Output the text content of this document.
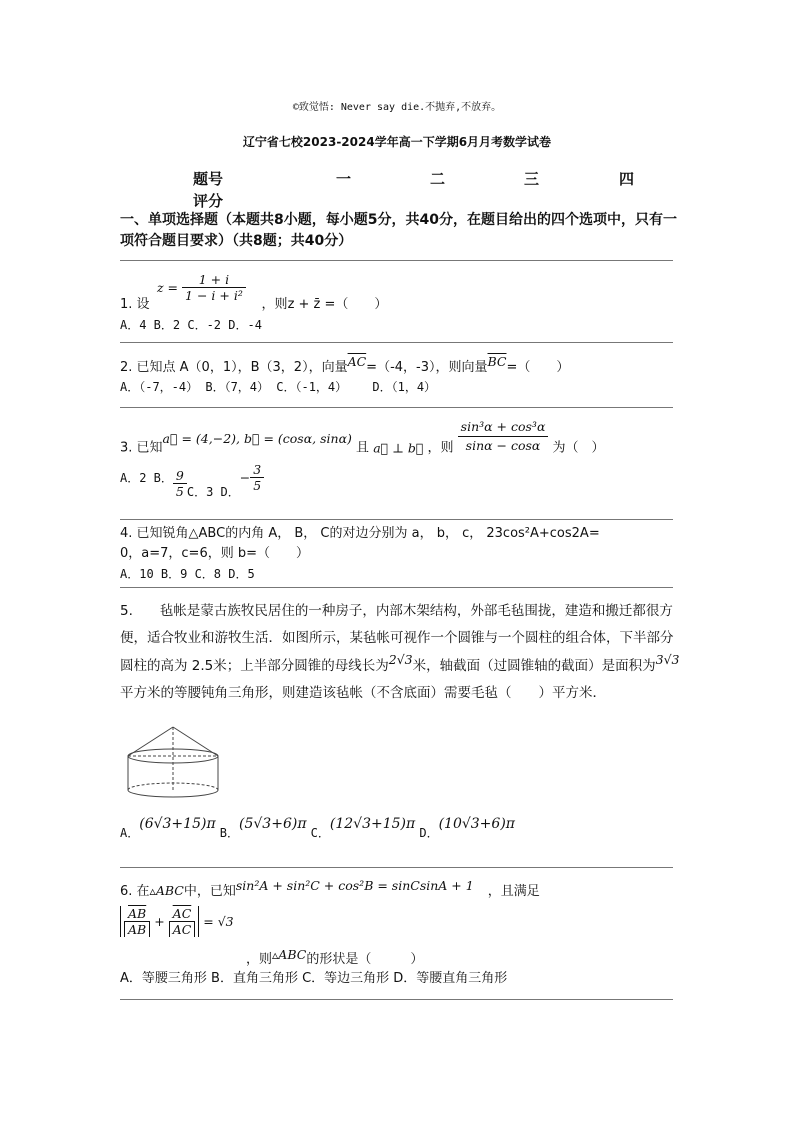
©致觉悟: Never say die.不抛弃,不放弃。
辽宁省七校2023-2024学年高一下学期6月月考数学试卷
题号	一	二	三	四
评分
一、单项选择题（本题共8小题，每小题5分，共40分，在题目给出的四个选项中，只有一项符合题目要求）（共8题；共40分）
$z = \frac{1 + i}{\text{1 − i + i²}}$
1. 设	，则z + z̄ =（　　）
A．4 B．2 C．-2 D．-4
2. 已知点 A（0，1），B（3，2），向量$\overline{AC}=(-4$，-3），则向量$\overline{BC}=$（　　）
A．（-7，-4） B．（7，4） C．（-1，4）　　 D．（1，4）
3. 已知a⃗ = (4,−2), b⃗ = (cosα, sinα) 且 a⃗ ⊥ b⃗ ，则 $\frac{\text{sin³α + cos³α}}{\sin\alpha - \cos\alpha}$ 为（　）
A．2 B． $\frac{9}{5}$ C．3 D．− $\frac{3}{5}$
4. 已知锐角△ABC的内角 A， B， C的对边分别为 a， b， c， 23cos²A+cos2A=
0，a=7，c=6，则 b=（　　）
A．10 B．9 C．8 D．5
5.　　毡帐是蒙古族牧民居住的一种房子，内部木架结构，外部毛毡围拢，建造和搬迁都很方便，适合牧业和游牧生活．如图所示，某毡帐可视作一个圆锥与一个圆柱的组合体，下半部分圆柱的高为 2.5米；上半部分圆锥的母线长为2√3米，轴截面（过圆锥轴的截面）是面积为3√3平方米的等腰钝角三角形，则建造该毡帐（不含底面）需要毛毡（　　）平方米．
A．(6√3+15)π B．(5√3+6)π C．(12√3+15)π D．(10√3+6)π
6. 在▵ABC中，已知sin²A + sin²C + cos²B = sinCsinA + 1 ，且满足
$\frac{\overline{AB}}{AB} + \frac{\overline{AC}}{AC} = √3$
，则▵ABC的形状是（　　　）
A．等腰三角形 B．直角三角形 C．等边三角形 D．等腰直角三角形
